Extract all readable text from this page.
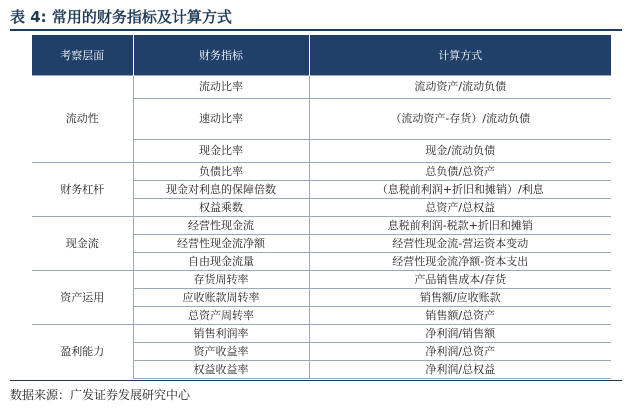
表 4: 常用的财务指标及计算方式
考察层面	财务指标	计算方式
流动性	流动比率	流动资产/流动负债
	速动比率	（流动资产-存货）/流动负债
	现金比率	现金/流动负债
财务杠杆	负债比率	总负债/总资产
	现金对利息的保障倍数	（息税前利润+折旧和摊销）/利息
	权益乘数	总资产/总权益
现金流	经营性现金流	息税前利润-税款+折旧和摊销
	经营性现金流净额	经营性现金流-营运资本变动
	自由现金流量	经营性现金流净额-资本支出
资产运用	存货周转率	产品销售成本/存货
	应收账款周转率	销售额/应收账款
	总资产周转率	销售额/总资产
盈利能力	销售利润率	净利润/销售额
	资产收益率	净利润/总资产
	权益收益率	净利润/总权益
数据来源：广发证券发展研究中心
